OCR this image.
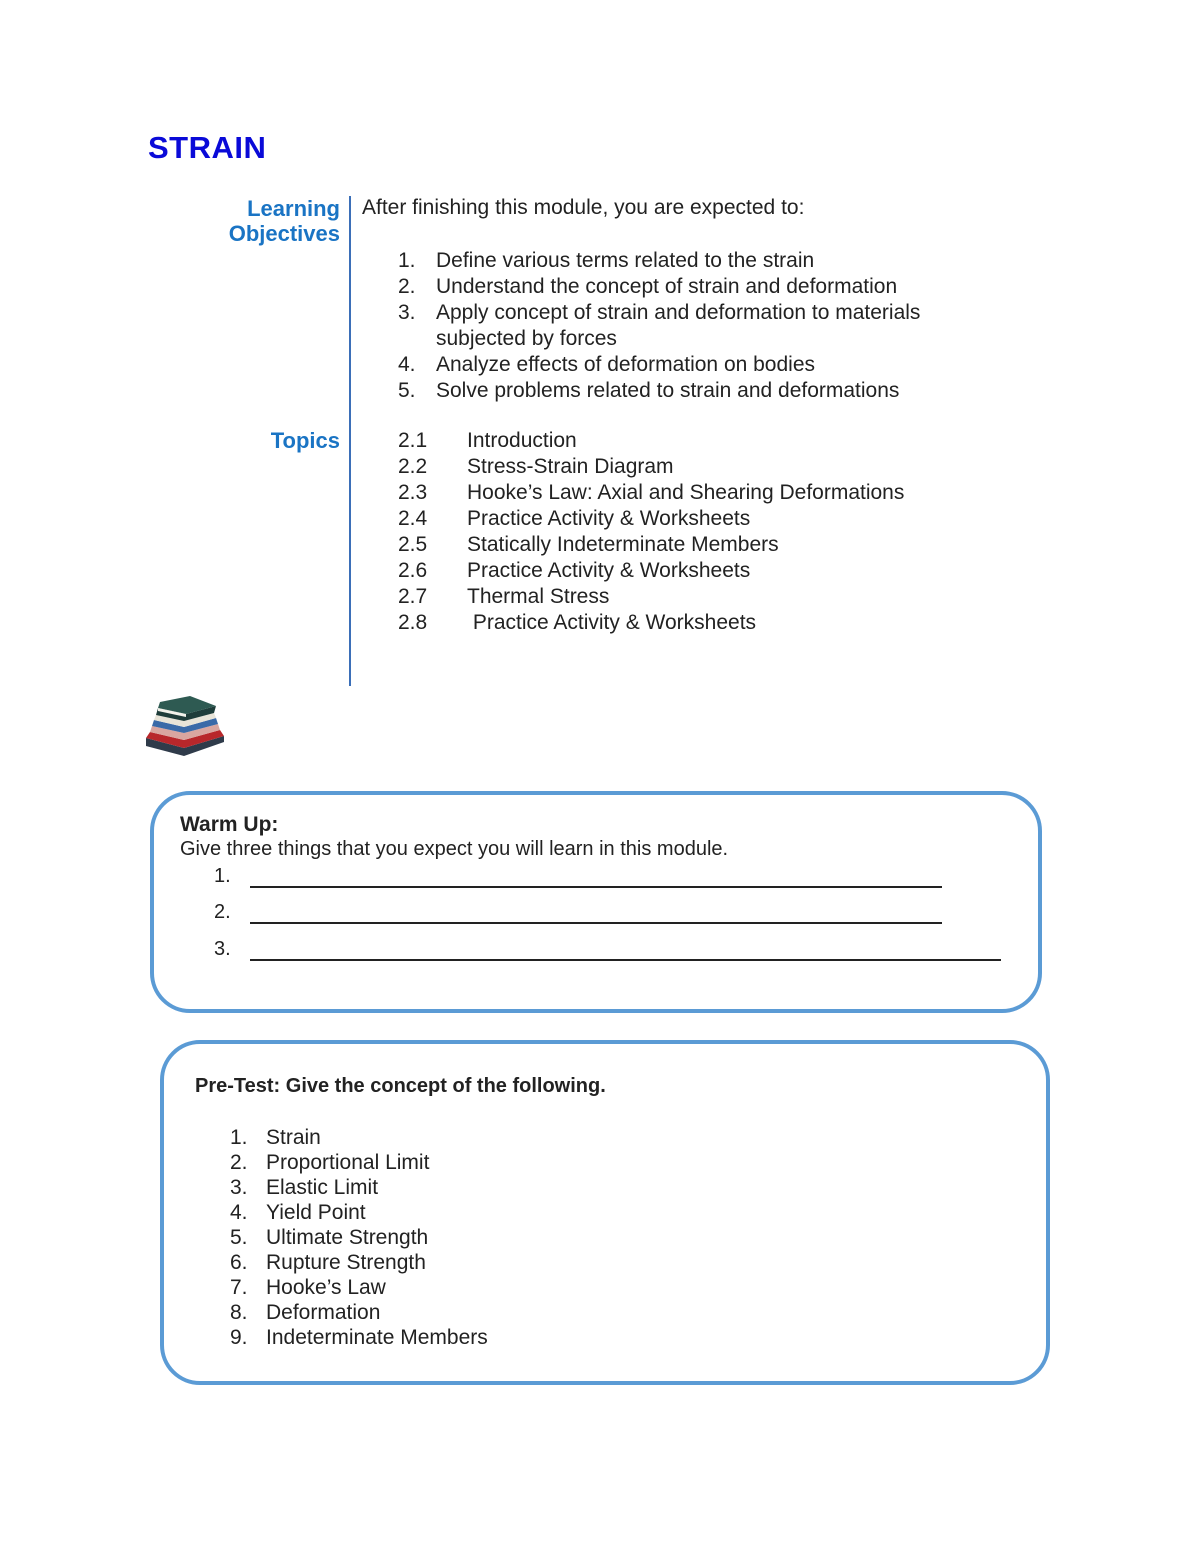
STRAIN
Learning
Objectives
Topics
After finishing this module, you are expected to:
1. Define various terms related to the strain
2. Understand the concept of strain and deformation
3. Apply concept of strain and deformation to materials subjected by forces
4. Analyze effects of deformation on bodies
5. Solve problems related to strain and deformations
2.1	Introduction
2.2	Stress-Strain Diagram
2.3	Hooke’s Law: Axial and Shearing Deformations
2.4	Practice Activity & Worksheets
2.5	Statically Indeterminate Members
2.6	Practice Activity & Worksheets
2.7	Thermal Stress
2.8	Practice Activity & Worksheets
Warm Up:
Give three things that you expect you will learn in this module.
1.
2.
3.
Pre-Test: Give the concept of the following.
1. Strain
2. Proportional Limit
3. Elastic Limit
4. Yield Point
5. Ultimate Strength
6. Rupture Strength
7. Hooke’s Law
8. Deformation
9. Indeterminate Members
